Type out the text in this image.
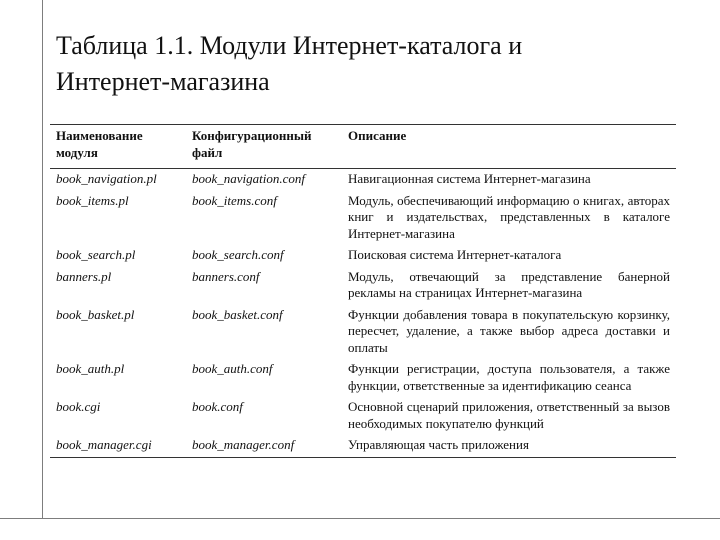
Таблица 1.1. Модули Интернет-каталога и
Интернет-магазина
Наименование модуля	Конфигурационный файл	Описание
book_navigation.pl	book_navigation.conf	Навигационная система Интернет-магазина
book_items.pl	book_items.conf	Модуль, обеспечивающий информацию о книгах, авторах книг и издательствах, представленных в каталоге Интернет-магазина
book_search.pl	book_search.conf	Поисковая система Интернет-каталога
banners.pl	banners.conf	Модуль, отвечающий за представление банерной рекламы на страницах Интернет-магазина
book_basket.pl	book_basket.conf	Функции добавления товара в покупательскую корзинку, пересчет, удаление, а также выбор адреса доставки и оплаты
book_auth.pl	book_auth.conf	Функции регистрации, доступа пользователя, а также функции, ответственные за идентификацию сеанса
book.cgi	book.conf	Основной сценарий приложения, ответственный за вызов необходимых покупателю функций
book_manager.cgi	book_manager.conf	Управляющая часть приложения
